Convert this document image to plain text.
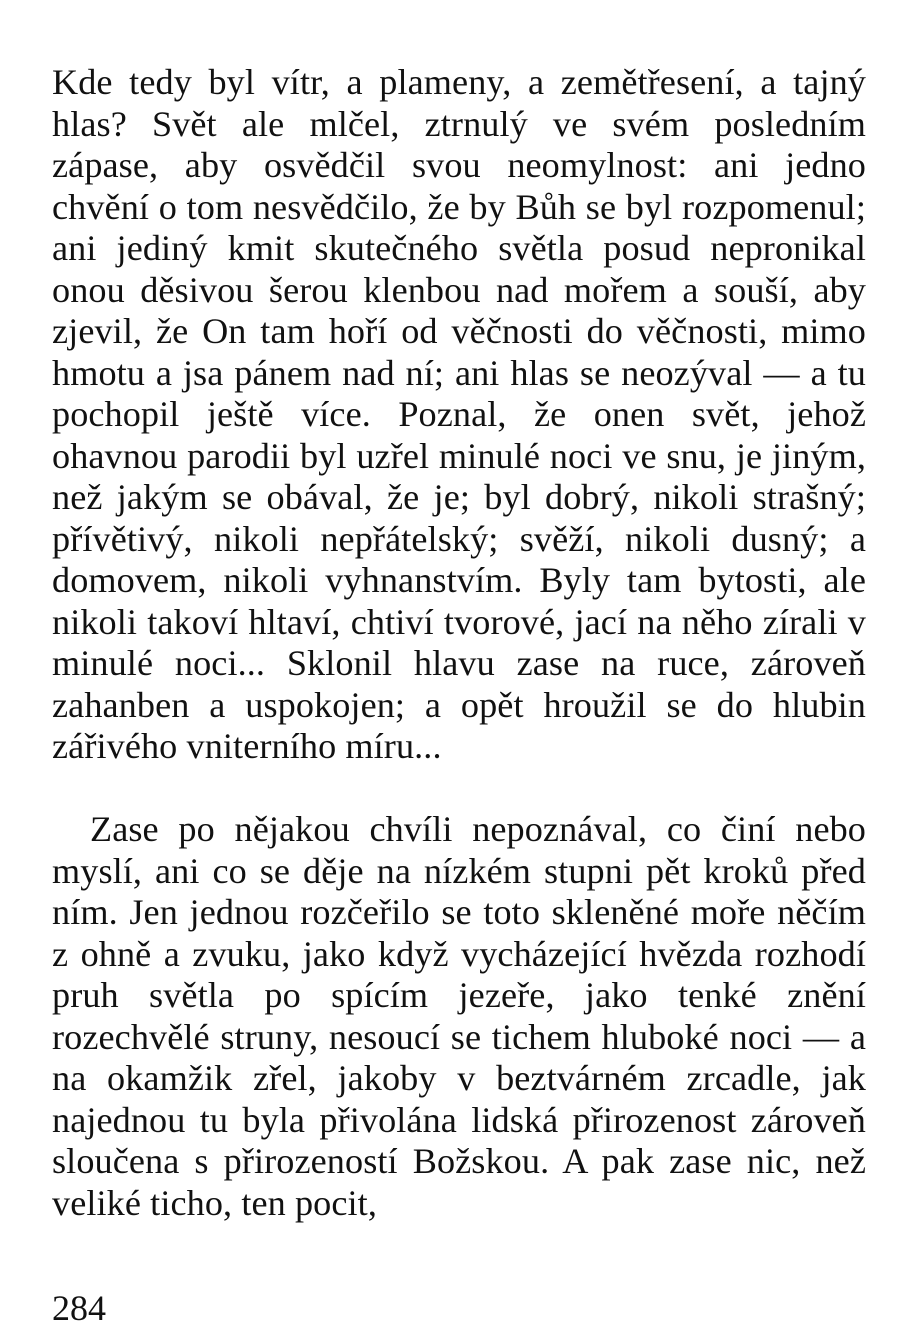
Kde tedy byl vítr, a plameny, a zemětřesení, a tajný hlas? Svět ale mlčel, ztrnulý ve svém posledním zápase, aby osvědčil svou neomylnost: ani jedno chvění o tom nesvědčilo, že by Bůh se byl rozpomenul; ani jediný kmit skutečného světla posud nepronikal onou děsivou šerou klenbou nad mořem a souší, aby zjevil, že On tam hoří od věčnosti do věčnosti, mimo hmotu a jsa pánem nad ní; ani hlas se neozýval — a tu pochopil ještě více. Poznal, že onen svět, jehož ohavnou parodii byl uzřel minulé noci ve snu, je jiným, než jakým se obával, že je; byl dobrý, nikoli strašný; přívětivý, nikoli nepřátelský; svěží, nikoli dusný; a domovem, nikoli vyhnanstvím. Byly tam bytosti, ale nikoli takoví hltaví, chtiví tvorové, jací na něho zírali v minulé noci... Sklonil hlavu zase na ruce, zároveň zahanben a uspokojen; a opět hroužil se do hlubin zářivého vniterního míru...

Zase po nějakou chvíli nepoznával, co činí nebo myslí, ani co se děje na nízkém stupni pět kroků před ním. Jen jednou rozčeřilo se toto skleněné moře něčím z ohně a zvuku, jako když vycházející hvězda rozhodí pruh světla po spícím jezeře, jako tenké znění rozechvělé struny, nesoucí se tichem hluboké noci — a na okamžik zřel, jakoby v beztvárném zrcadle, jak najednou tu byla přivolána lidská přirozenost zároveň sloučena s přirozeností Božskou. A pak zase nic, než veliké ticho, ten pocit,

284
